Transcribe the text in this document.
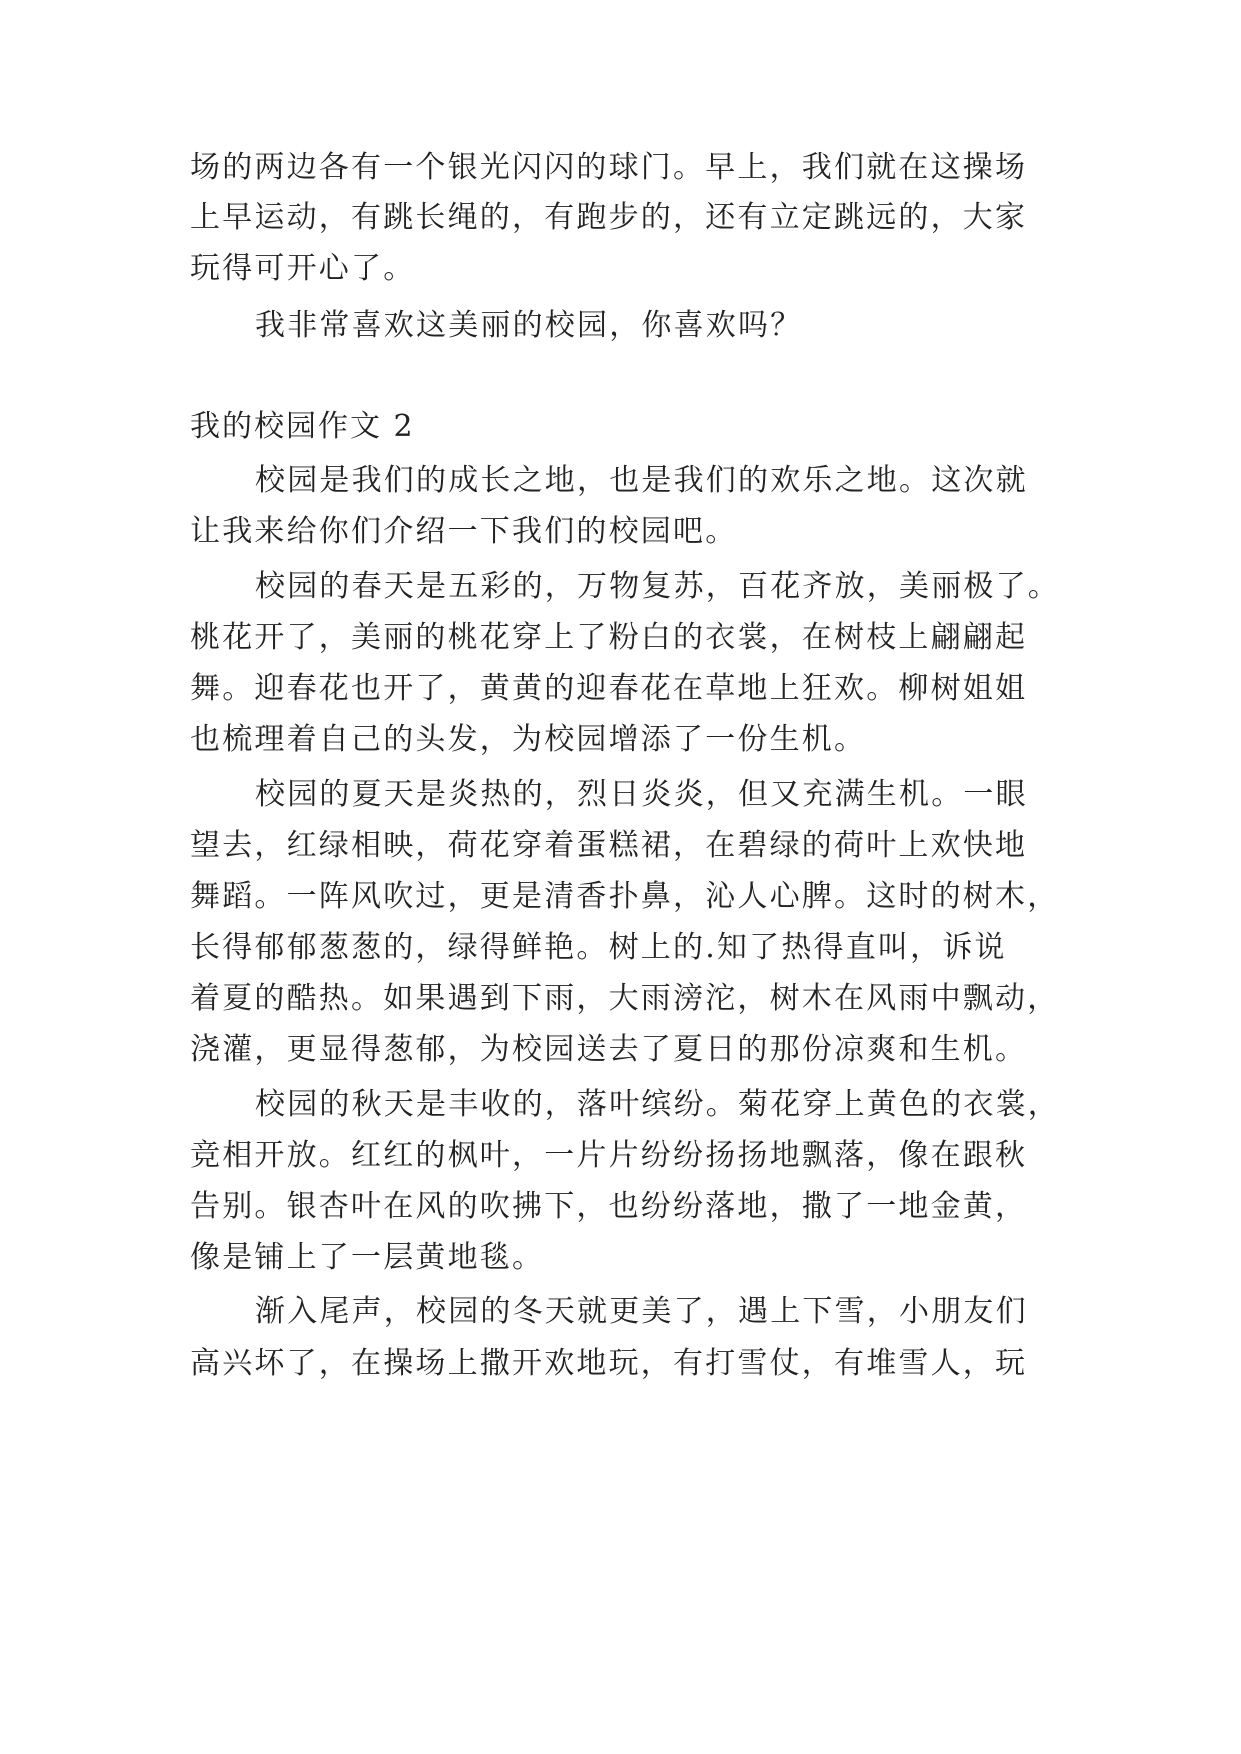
场的两边各有一个银光闪闪的球门。早上，我们就在这操场
上早运动，有跳长绳的，有跑步的，还有立定跳远的，大家
玩得可开心了。
我非常喜欢这美丽的校园，你喜欢吗？
我的校园作文 2
校园是我们的成长之地，也是我们的欢乐之地。这次就
让我来给你们介绍一下我们的校园吧。
校园的春天是五彩的，万物复苏，百花齐放，美丽极了。
桃花开了，美丽的桃花穿上了粉白的衣裳，在树枝上翩翩起
舞。迎春花也开了，黄黄的迎春花在草地上狂欢。柳树姐姐
也梳理着自己的头发，为校园增添了一份生机。
校园的夏天是炎热的，烈日炎炎，但又充满生机。一眼
望去，红绿相映，荷花穿着蛋糕裙，在碧绿的荷叶上欢快地
舞蹈。一阵风吹过，更是清香扑鼻，沁人心脾。这时的树木，
长得郁郁葱葱的，绿得鲜艳。树上的.知了热得直叫，诉说
着夏的酷热。如果遇到下雨，大雨滂沱，树木在风雨中飘动，
浇灌，更显得葱郁，为校园送去了夏日的那份凉爽和生机。
校园的秋天是丰收的，落叶缤纷。菊花穿上黄色的衣裳，
竞相开放。红红的枫叶，一片片纷纷扬扬地飘落，像在跟秋
告别。银杏叶在风的吹拂下，也纷纷落地，撒了一地金黄，
像是铺上了一层黄地毯。
渐入尾声，校园的冬天就更美了，遇上下雪，小朋友们
高兴坏了，在操场上撒开欢地玩，有打雪仗，有堆雪人，玩
